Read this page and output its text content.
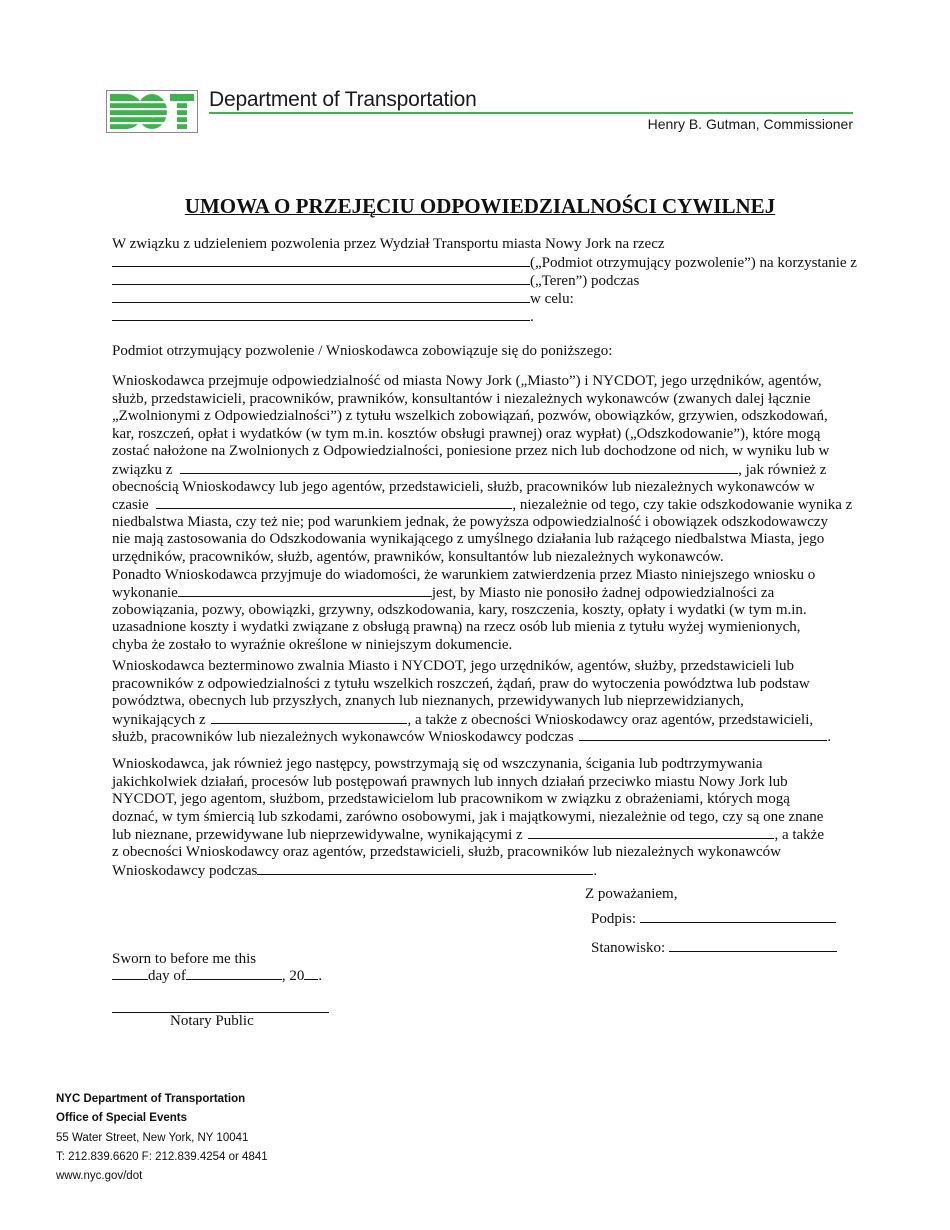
DOT
Department of Transportation
Henry B. Gutman, Commissioner
UMOWA O PRZEJĘCIU ODPOWIEDZIALNOŚCI CYWILNEJ
W związku z udzieleniem pozwolenia przez Wydział Transportu miasta Nowy Jork na rzecz
(„Podmiot otrzymujący pozwolenie”) na korzystanie z
(„Teren”) podczas
w celu:
.
Podmiot otrzymujący pozwolenie / Wnioskodawca zobowiązuje się do poniższego:
Wnioskodawca przejmuje odpowiedzialność od miasta Nowy Jork („Miasto”) i NYCDOT, jego urzędników, agentów,
służb, przedstawicieli, pracowników, prawników, konsultantów i niezależnych wykonawców (zwanych dalej łącznie
„Zwolnionymi z Odpowiedzialności”) z tytułu wszelkich zobowiązań, pozwów, obowiązków, grzywien, odszkodowań,
kar, roszczeń, opłat i wydatków (w tym m.in. kosztów obsługi prawnej) oraz wypłat) („Odszkodowanie”), które mogą
zostać nałożone na Zwolnionych z Odpowiedzialności, poniesione przez nich lub dochodzone od nich, w wyniku lub w
związku z	, jak również z
obecnością Wnioskodawcy lub jego agentów, przedstawicieli, służb, pracowników lub niezależnych wykonawców w
czasie	, niezależnie od tego, czy takie odszkodowanie wynika z
niedbalstwa Miasta, czy też nie; pod warunkiem jednak, że powyższa odpowiedzialność i obowiązek odszkodowawczy
nie mają zastosowania do Odszkodowania wynikającego z umyślnego działania lub rażącego niedbalstwa Miasta, jego
urzędników, pracowników, służb, agentów, prawników, konsultantów lub niezależnych wykonawców.
Ponadto Wnioskodawca przyjmuje do wiadomości, że warunkiem zatwierdzenia przez Miasto niniejszego wniosku o
wykonanie	jest, by Miasto nie ponosiło żadnej odpowiedzialności za
zobowiązania, pozwy, obowiązki, grzywny, odszkodowania, kary, roszczenia, koszty, opłaty i wydatki (w tym m.in.
uzasadnione koszty i wydatki związane z obsługą prawną) na rzecz osób lub mienia z tytułu wyżej wymienionych,
chyba że zostało to wyraźnie określone w niniejszym dokumencie.
Wnioskodawca bezterminowo zwalnia Miasto i NYCDOT, jego urzędników, agentów, służby, przedstawicieli lub
pracowników z odpowiedzialności z tytułu wszelkich roszczeń, żądań, praw do wytoczenia powództwa lub podstaw
powództwa, obecnych lub przyszłych, znanych lub nieznanych, przewidywanych lub nieprzewidzianych,
wynikających z	, a także z obecności Wnioskodawcy oraz agentów, przedstawicieli,
służb, pracowników lub niezależnych wykonawców Wnioskodawcy podczas	.
Wnioskodawca, jak również jego następcy, powstrzymają się od wszczynania, ścigania lub podtrzymywania
jakichkolwiek działań, procesów lub postępowań prawnych lub innych działań przeciwko miastu Nowy Jork lub
NYCDOT, jego agentom, służbom, przedstawicielom lub pracownikom w związku z obrażeniami, których mogą
doznać, w tym śmiercią lub szkodami, zarówno osobowymi, jak i majątkowymi, niezależnie od tego, czy są one znane
lub nieznane, przewidywane lub nieprzewidywalne, wynikającymi z	, a także
z obecności Wnioskodawcy oraz agentów, przedstawicieli, służb, pracowników lub niezależnych wykonawców
Wnioskodawcy podczas	.
Z poważaniem,
Podpis:
Stanowisko:
Sworn to before me this
day of	, 20 .
Notary Public
NYC Department of Transportation
Office of Special Events
55 Water Street, New York, NY 10041
T: 212.839.6620 F: 212.839.4254 or 4841
www.nyc.gov/dot
